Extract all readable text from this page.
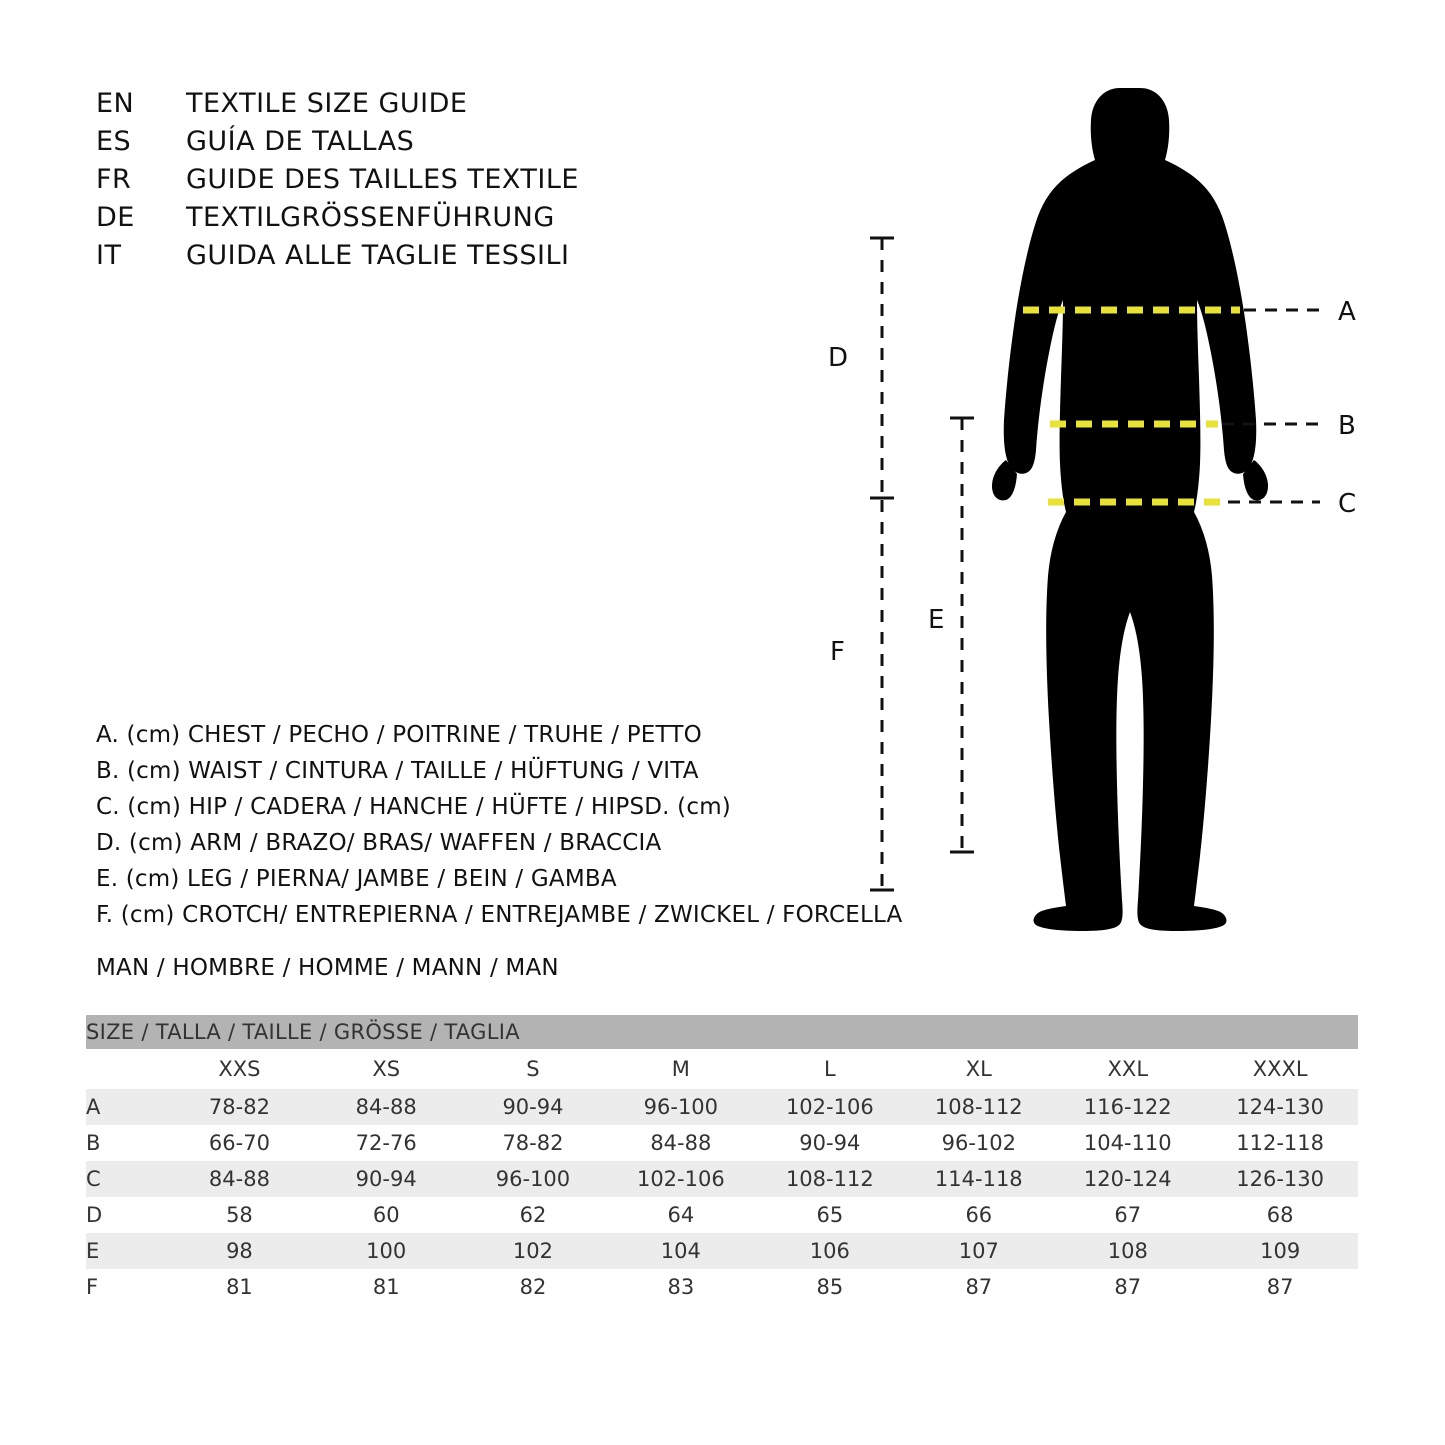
EN	TEXTILE SIZE GUIDE
ES	GUÍA DE TALLAS
FR	GUIDE DES TAILLES TEXTILE
DE	TEXTILGRÖSSENFÜHRUNG
IT	GUIDA ALLE TAGLIE TESSILI
A. (cm) CHEST / PECHO / POITRINE / TRUHE / PETTO
B. (cm) WAIST / CINTURA / TAILLE / HÜFTUNG / VITA
C. (cm) HIP / CADERA / HANCHE / HÜFTE / HIPSD. (cm)
D. (cm) ARM / BRAZO/ BRAS/ WAFFEN / BRACCIA
E. (cm) LEG / PIERNA/ JAMBE / BEIN / GAMBA
F. (cm) CROTCH/ ENTREPIERNA / ENTREJAMBE / ZWICKEL / FORCELLA
MAN / HOMBRE / HOMME / MANN / MAN
A
B
C
D
F
E
SIZE / TALLA / TAILLE / GRÖSSE / TAGLIA								
	XXS	XS	S	M	L	XL	XXL	XXXL
A	78-82	84-88	90-94	96-100	102-106	108-112	116-122	124-130
B	66-70	72-76	78-82	84-88	90-94	96-102	104-110	112-118
C	84-88	90-94	96-100	102-106	108-112	114-118	120-124	126-130
D	58	60	62	64	65	66	67	68
E	98	100	102	104	106	107	108	109
F	81	81	82	83	85	87	87	87
